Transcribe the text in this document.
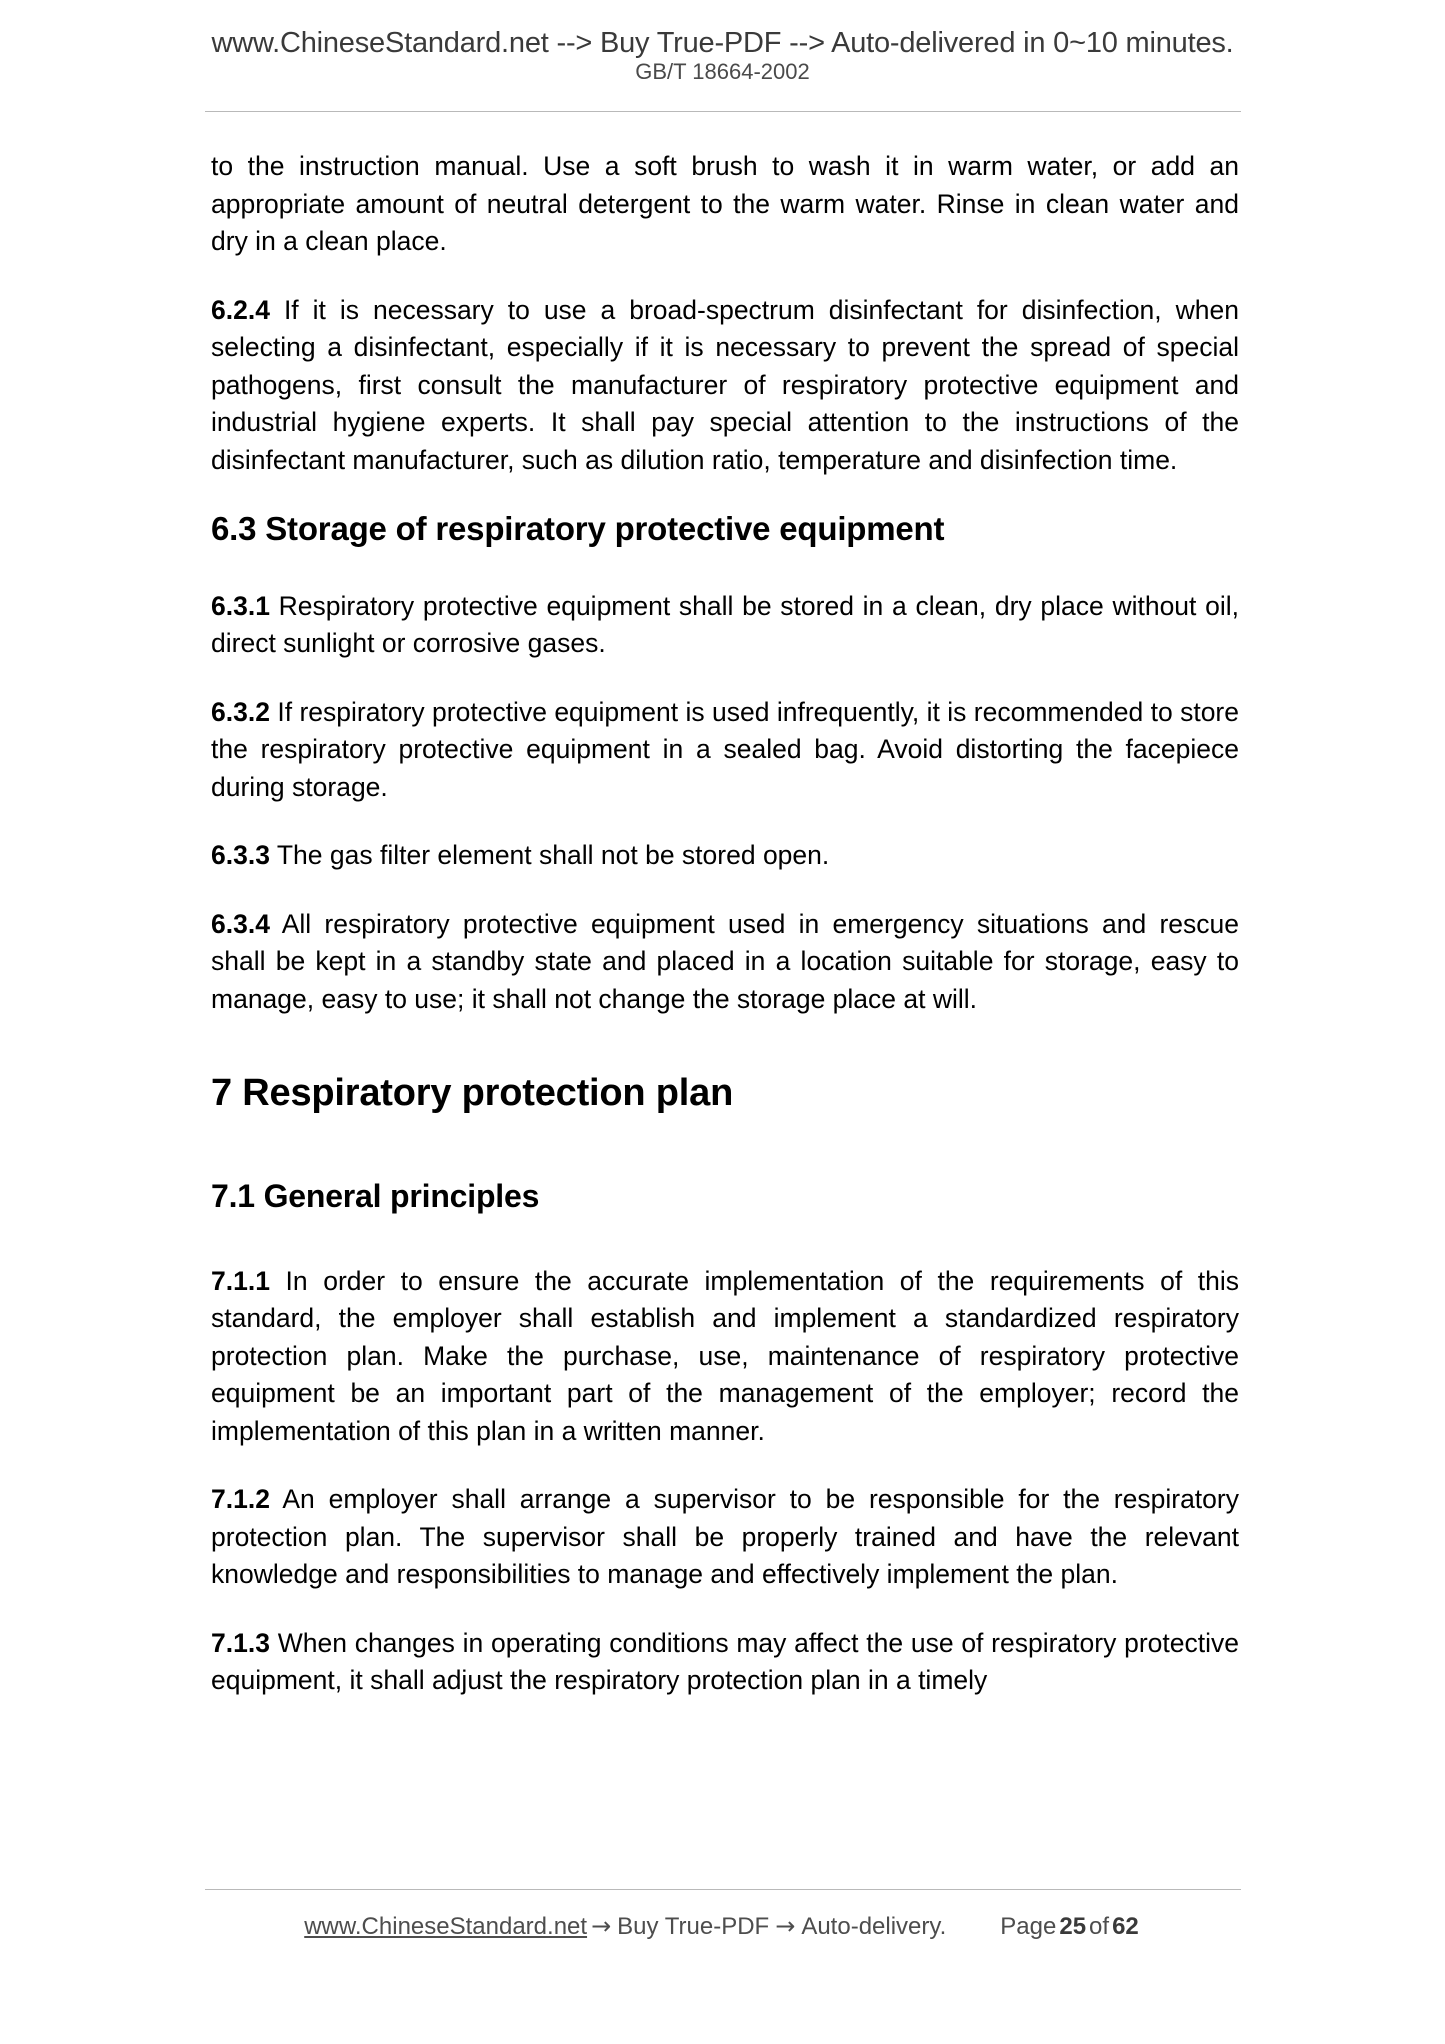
www.ChineseStandard.net --> Buy True-PDF --> Auto-delivered in 0~10 minutes.
GB/T 18664-2002

to the instruction manual. Use a soft brush to wash it in warm water, or add an appropriate amount of neutral detergent to the warm water. Rinse in clean water and dry in a clean place.

6.2.4 If it is necessary to use a broad-spectrum disinfectant for disinfection, when selecting a disinfectant, especially if it is necessary to prevent the spread of special pathogens, first consult the manufacturer of respiratory protective equipment and industrial hygiene experts. It shall pay special attention to the instructions of the disinfectant manufacturer, such as dilution ratio, temperature and disinfection time.

6.3 Storage of respiratory protective equipment

6.3.1 Respiratory protective equipment shall be stored in a clean, dry place without oil, direct sunlight or corrosive gases.

6.3.2 If respiratory protective equipment is used infrequently, it is recommended to store the respiratory protective equipment in a sealed bag. Avoid distorting the facepiece during storage.

6.3.3 The gas filter element shall not be stored open.

6.3.4 All respiratory protective equipment used in emergency situations and rescue shall be kept in a standby state and placed in a location suitable for storage, easy to manage, easy to use; it shall not change the storage place at will.

7 Respiratory protection plan
7.1 General principles

7.1.1 In order to ensure the accurate implementation of the requirements of this standard, the employer shall establish and implement a standardized respiratory protection plan. Make the purchase, use, maintenance of respiratory protective equipment be an important part of the management of the employer; record the implementation of this plan in a written manner.

7.1.2 An employer shall arrange a supervisor to be responsible for the respiratory protection plan. The supervisor shall be properly trained and have the relevant knowledge and responsibilities to manage and effectively implement the plan.

7.1.3 When changes in operating conditions may affect the use of respiratory protective equipment, it shall adjust the respiratory protection plan in a timely

www.ChineseStandard.net → Buy True-PDF → Auto-delivery. Page 25 of 62
